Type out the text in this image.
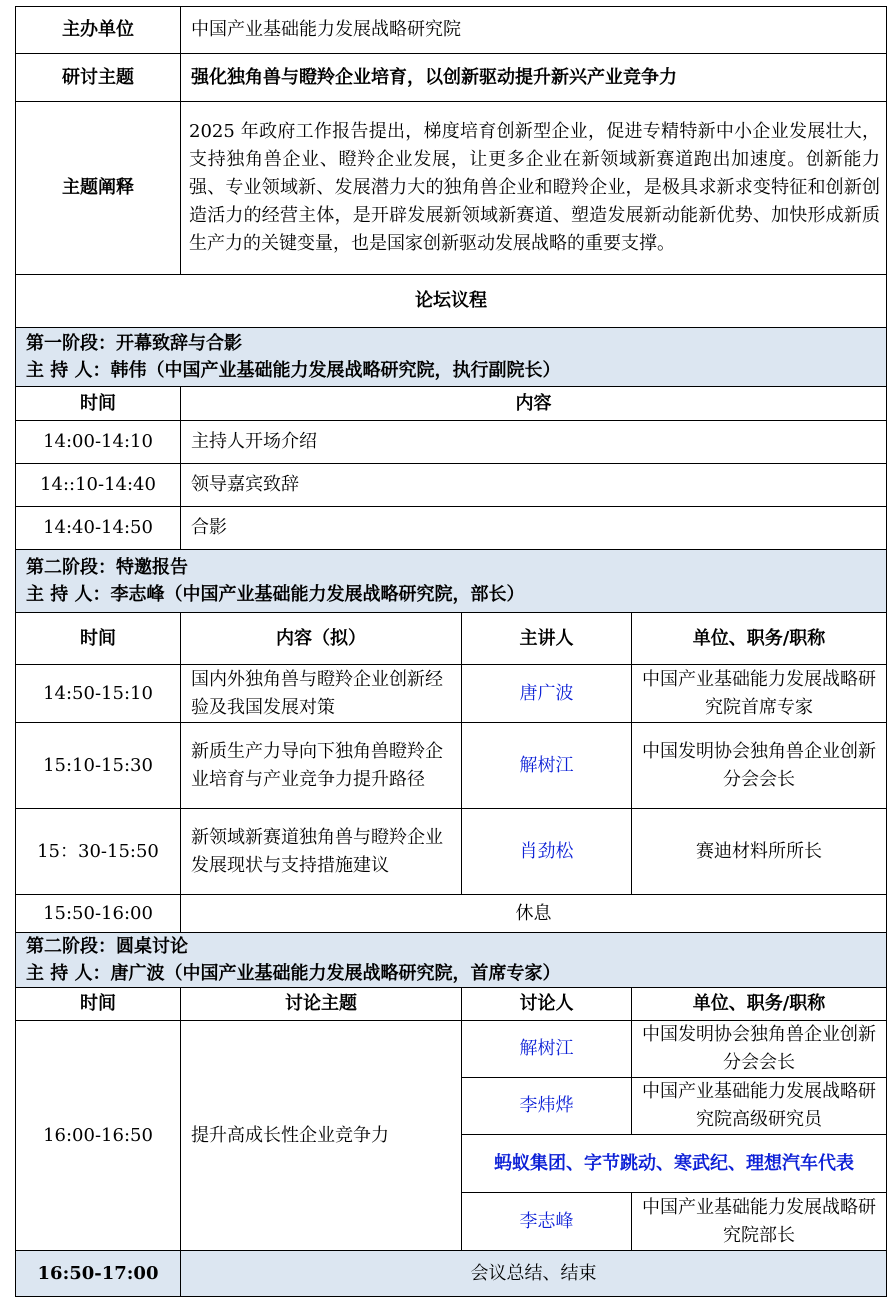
主办单位	中国产业基础能力发展战略研究院		
研讨主题	强化独角兽与瞪羚企业培育，以创新驱动提升新兴产业竞争力		
主题阐释	2025 年政府工作报告提出，梯度培育创新型企业，促进专精特新中小企业发展壮大，支持独角兽企业、瞪羚企业发展，让更多企业在新领域新赛道跑出加速度。创新能力强、专业领域新、发展潜力大的独角兽企业和瞪羚企业，是极具求新求变特征和创新创造活力的经营主体，是开辟发展新领域新赛道、塑造发展新动能新优势、加快形成新质生产力的关键变量，也是国家创新驱动发展战略的重要支撑。		
论坛议程			

第一阶段：开幕致辞与合影
主 持 人：韩伟（中国产业基础能力发展战略研究院，执行副院长）			

时间	内容		
14:00-14:10	主持人开场介绍		
14::10-14:40	领导嘉宾致辞		
14:40-14:50	合影		

第二阶段：特邀报告
主 持 人：李志峰（中国产业基础能力发展战略研究院，部长）			

时间	内容（拟）	主讲人	单位、职务/职称
14:50-15:10	国内外独角兽与瞪羚企业创新经验及我国发展对策	唐广波	中国产业基础能力发展战略研究院首席专家
15:10-15:30	新质生产力导向下独角兽瞪羚企业培育与产业竞争力提升路径	解树江	中国发明协会独角兽企业创新分会会长
15：30-15:50	新领域新赛道独角兽与瞪羚企业发展现状与支持措施建议	肖劲松	赛迪材料所所长
15:50-16:00	休息		

第二阶段：圆桌讨论
主 持 人：唐广波（中国产业基础能力发展战略研究院，首席专家）			

时间	讨论主题	讨论人	单位、职务/职称
16:00-16:50	提升高成长性企业竞争力	解树江	中国发明协会独角兽企业创新分会会长
		李炜烨	中国产业基础能力发展战略研究院高级研究员
		蚂蚁集团、字节跳动、寒武纪、理想汽车代表	
		李志峰	中国产业基础能力发展战略研究院部长
16:50-17:00	会议总结、结束		
